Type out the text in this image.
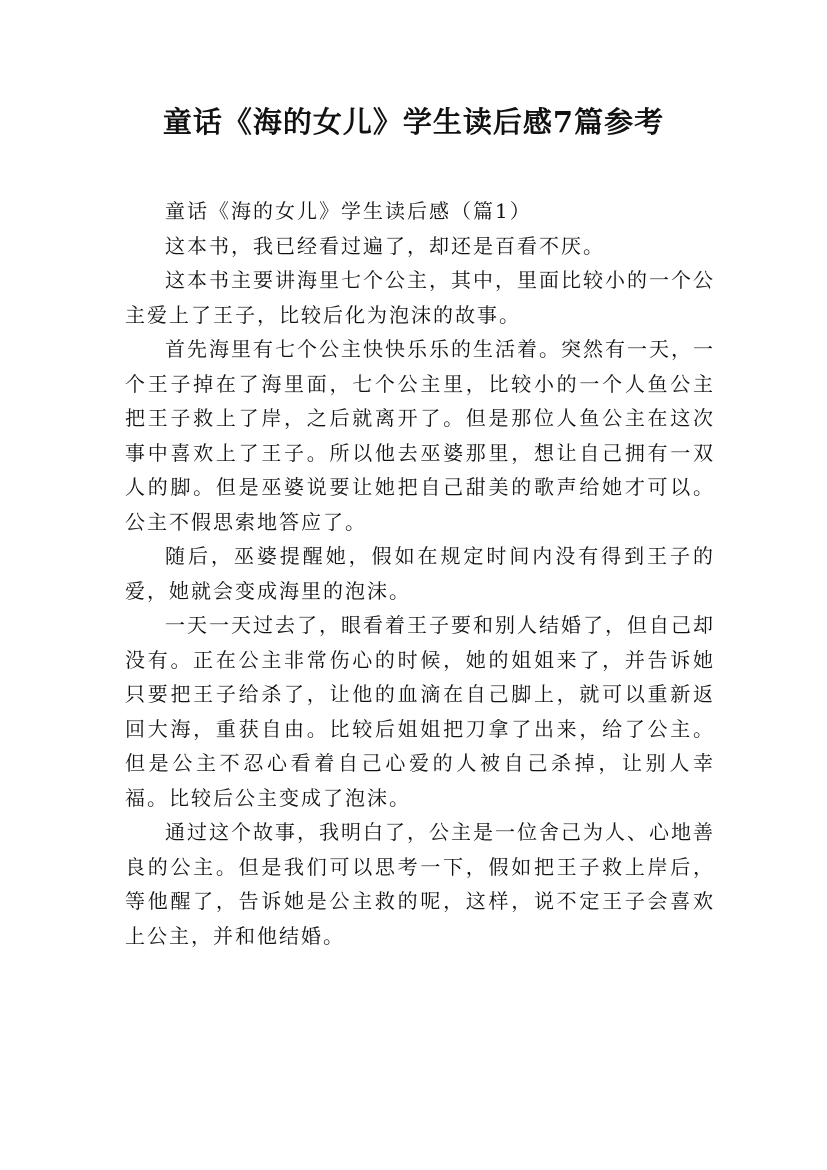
童话《海的女儿》学生读后感7篇参考

童话《海的女儿》学生读后感（篇1）

这本书，我已经看过遍了，却还是百看不厌。

这本书主要讲海里七个公主，其中，里面比较小的一个公主爱上了王子，比较后化为泡沫的故事。

首先海里有七个公主快快乐乐的生活着。突然有一天，一个王子掉在了海里面，七个公主里，比较小的一个人鱼公主把王子救上了岸，之后就离开了。但是那位人鱼公主在这次事中喜欢上了王子。所以他去巫婆那里，想让自己拥有一双人的脚。但是巫婆说要让她把自己甜美的歌声给她才可以。公主不假思索地答应了。

随后，巫婆提醒她，假如在规定时间内没有得到王子的爱，她就会变成海里的泡沫。

一天一天过去了，眼看着王子要和别人结婚了，但自己却没有。正在公主非常伤心的时候，她的姐姐来了，并告诉她只要把王子给杀了，让他的血滴在自己脚上，就可以重新返回大海，重获自由。比较后姐姐把刀拿了出来，给了公主。但是公主不忍心看着自己心爱的人被自己杀掉，让别人幸福。比较后公主变成了泡沫。

通过这个故事，我明白了，公主是一位舍己为人、心地善良的公主。但是我们可以思考一下，假如把王子救上岸后，等他醒了，告诉她是公主救的呢，这样，说不定王子会喜欢上公主，并和他结婚。
